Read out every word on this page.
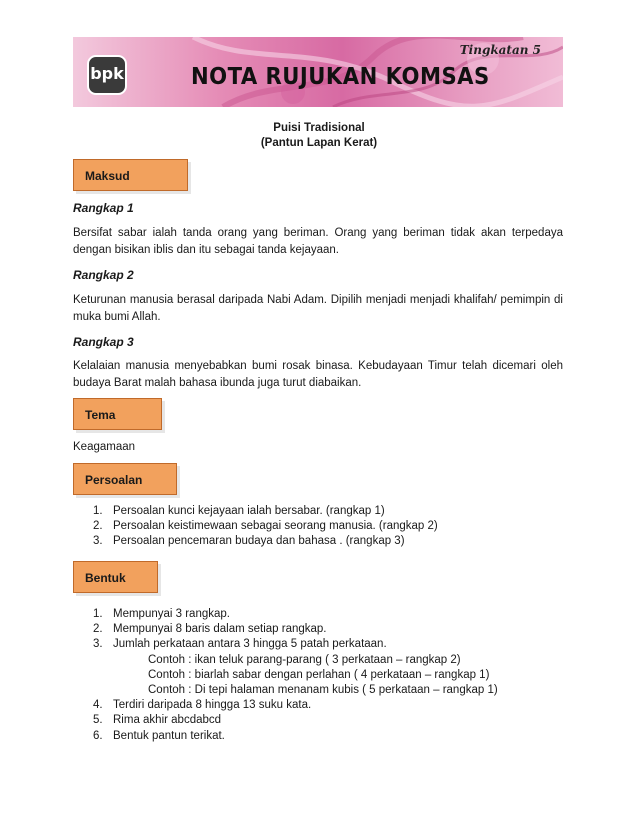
bpk	NOTA RUJUKAN KOMSAS
Tingkatan 5
Puisi Tradisional
(Pantun Lapan Kerat)
Maksud
Rangkap 1
Bersifat sabar ialah tanda orang yang beriman. Orang yang beriman tidak akan terpedaya dengan bisikan iblis dan itu sebagai tanda kejayaan.
Rangkap 2
Keturunan manusia berasal daripada Nabi Adam. Dipilih menjadi menjadi khalifah/ pemimpin di muka bumi Allah.
Rangkap 3
Kelalaian manusia menyebabkan bumi rosak binasa. Kebudayaan Timur telah dicemari oleh budaya Barat malah bahasa ibunda juga turut diabaikan.
Tema
Keagamaan
Persoalan
1. Persoalan kunci kejayaan ialah bersabar. (rangkap 1)
2. Persoalan keistimewaan sebagai seorang manusia. (rangkap 2)
3. Persoalan pencemaran budaya dan bahasa . (rangkap 3)
Bentuk
1. Mempunyai 3 rangkap.
2. Mempunyai 8 baris dalam setiap rangkap.
3. Jumlah perkataan antara 3 hingga 5 patah perkataan.
Contoh : ikan teluk parang-parang ( 3 perkataan – rangkap 2)
Contoh : biarlah sabar dengan perlahan ( 4 perkataan – rangkap 1)
Contoh : Di tepi halaman menanam kubis ( 5 perkataan – rangkap 1)
4. Terdiri daripada 8 hingga 13 suku kata.
5. Rima akhir abcdabcd
6. Bentuk pantun terikat.
